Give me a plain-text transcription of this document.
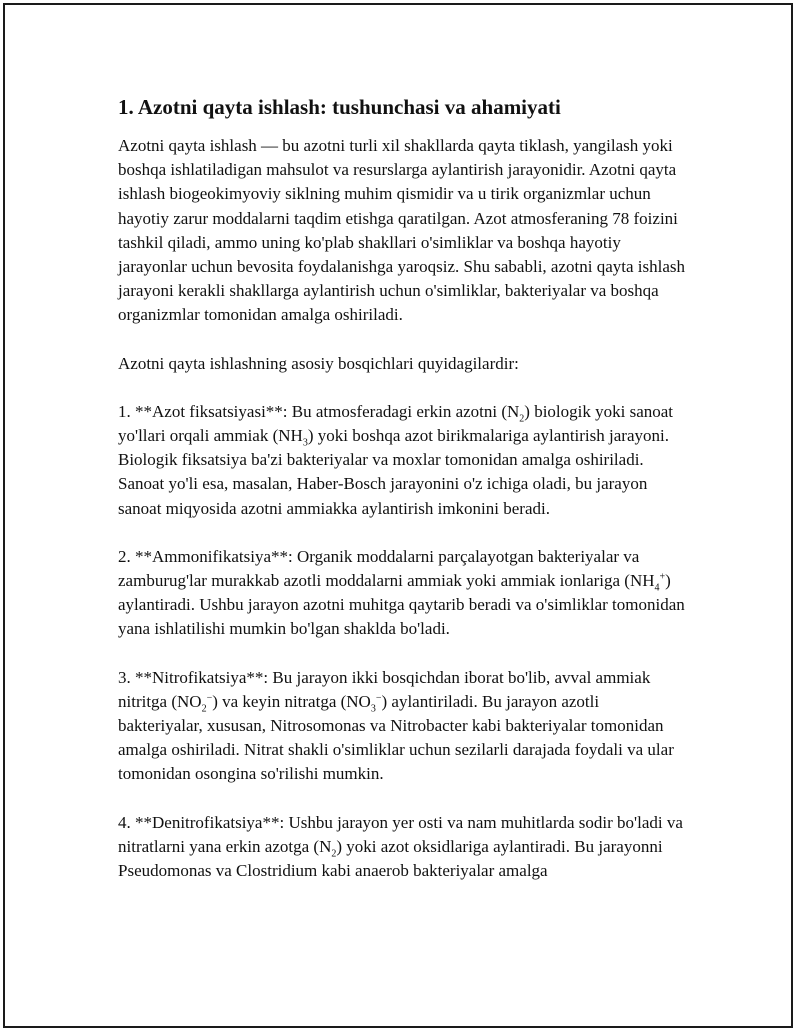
1. Azotni qayta ishlash: tushunchasi va ahamiyati

Azotni qayta ishlash — bu azotni turli xil shakllarda qayta tiklash, yangilash yoki boshqa ishlatiladigan mahsulot va resurslarga aylantirish jarayonidir. Azotni qayta ishlash biogeokimyoviy siklning muhim qismidir va u tirik organizmlar uchun hayotiy zarur moddalarni taqdim etishga qaratilgan. Azot atmosferaning 78 foizini tashkil qiladi, ammo uning ko'plab shakllari o'simliklar va boshqa hayotiy jarayonlar uchun bevosita foydalanishga yaroqsiz. Shu sababli, azotni qayta ishlash jarayoni kerakli shakllarga aylantirish uchun o'simliklar, bakteriyalar va boshqa organizmlar tomonidan amalga oshiriladi.

Azotni qayta ishlashning asosiy bosqichlari quyidagilardir:

1. **Azot fiksatsiyasi**: Bu atmosferadagi erkin azotni $(N_2)$ biologik yoki sanoat yo'llari orqali ammiak $(NH_3)$ yoki boshqa azot birikmalariga aylantirish jarayoni. Biologik fiksatsiya ba'zi bakteriyalar va moxlar tomonidan amalga oshiriladi. Sanoat yo'li esa, masalan, Haber-Bosch jarayonini o'z ichiga oladi, bu jarayon sanoat miqyosida azotni ammiakka aylantirish imkonini beradi.

2. **Ammonifikatsiya**: Organik moddalarni parçalayotgan bakteriyalar va zamburug'lar murakkab azotli moddalarni ammiak yoki ammiak ionlariga $(NH_4^+)$ aylantiradi. Ushbu jarayon azotni muhitga qaytarib beradi va o'simliklar tomonidan yana ishlatilishi mumkin bo'lgan shaklda bo'ladi.

3. **Nitrofikatsiya**: Bu jarayon ikki bosqichdan iborat bo'lib, avval ammiak nitritga $(NO_2^-)$ va keyin nitratga $(NO_3^-)$ aylantiriladi. Bu jarayon azotli bakteriyalar, xususan, Nitrosomonas va Nitrobacter kabi bakteriyalar tomonidan amalga oshiriladi. Nitrat shakli o'simliklar uchun sezilarli darajada foydali va ular tomonidan osongina so'rilishi mumkin.

4. **Denitrofikatsiya**: Ushbu jarayon yer osti va nam muhitlarda sodir bo'ladi va nitratlarni yana erkin azotga $(N_2)$ yoki azot oksidlariga aylantiradi. Bu jarayonni Pseudomonas va Clostridium kabi anaerob bakteriyalar amalga
